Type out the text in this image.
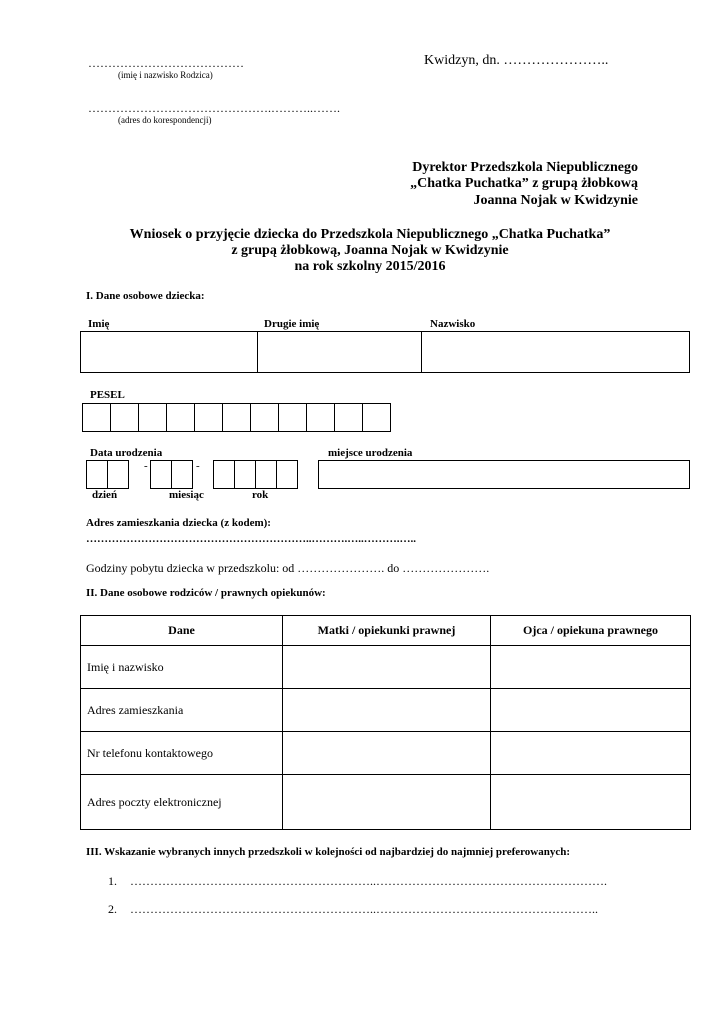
…………………………………
(imię i nazwisko Rodzica)
Kwidzyn, dn. …………………..
……………………………………….………..…….
(adres do korespondencji)
Dyrektor Przedszkola Niepublicznego
„Chatka Puchatka” z grupą żłobkową
Joanna Nojak w Kwidzynie
Wniosek o przyjęcie dziecka do Przedszkola Niepublicznego „Chatka Puchatka”
z grupą żłobkową, Joanna Nojak w Kwidzynie
na rok szkolny 2015/2016
I. Dane osobowe dziecka:
Imię	Drugie imię	Nazwisko
PESEL
Data urodzenia	miejsce urodzenia
-	-
dzień	miesiąc	rok
Adres zamieszkania dziecka (z kodem):
……………………………………………………..……….…..……….…..
Godziny pobytu dziecka w przedszkolu: od …………………. do ………………….
II. Dane osobowe rodziców / prawnych opiekunów:
Dane	Matki / opiekunki prawnej	Ojca / opiekuna prawnego
Imię i nazwisko		
Adres zamieszkania		
Nr telefonu kontaktowego		
Adres poczty elektronicznej		
III. Wskazanie wybranych innych przedszkoli w kolejności od najbardziej do najmniej preferowanych:
1. ……………………………………………………..………………………………………………….
2. ……………………………………………………..………………………………………………..
